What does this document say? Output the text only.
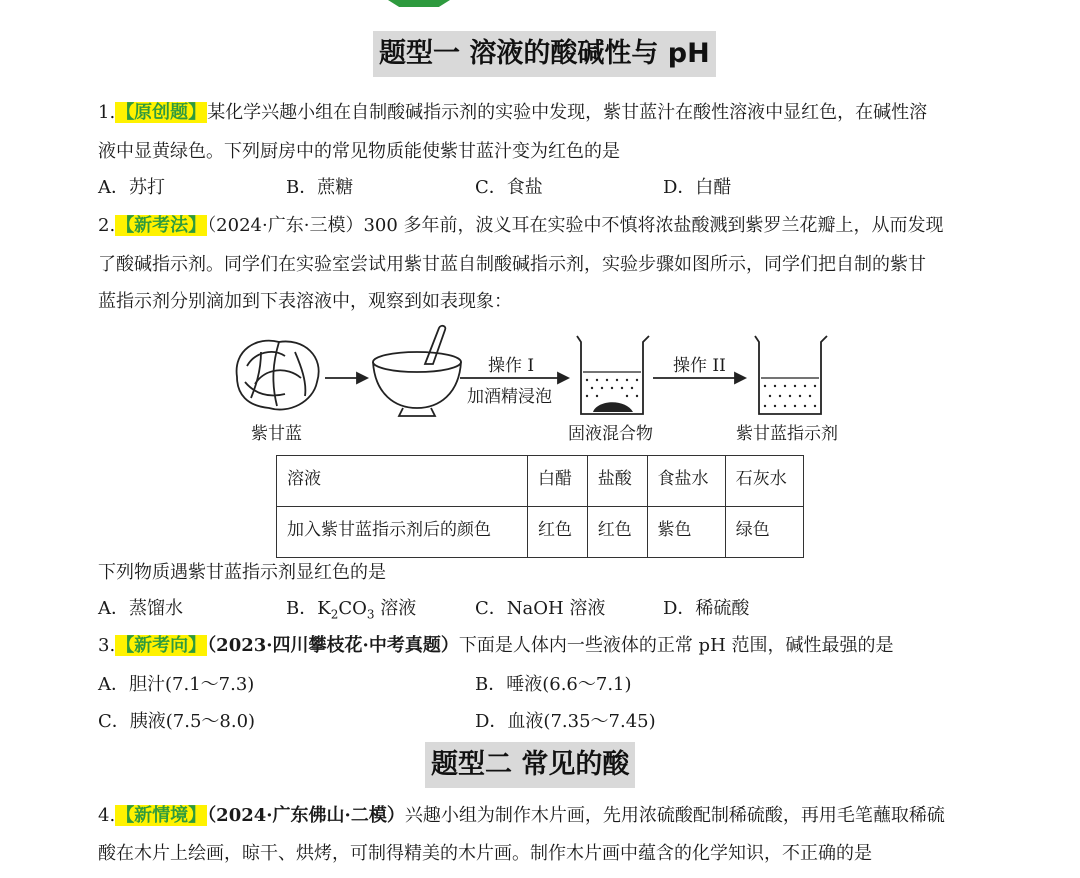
题型一 溶液的酸碱性与 pH
1.【原创题】某化学兴趣小组在自制酸碱指示剂的实验中发现，紫甘蓝汁在酸性溶液中显红色，在碱性溶
液中显黄绿色。下列厨房中的常见物质能使紫甘蓝汁变为红色的是
A．苏打	B．蔗糖	C．食盐	D．白醋
2.【新考法】（2024·广东·三模）300 多年前，波义耳在实验中不慎将浓盐酸溅到紫罗兰花瓣上，从而发现
了酸碱指示剂。同学们在实验室尝试用紫甘蓝自制酸碱指示剂，实验步骤如图所示，同学们把自制的紫甘
蓝指示剂分别滴加到下表溶液中，观察到如表现象：
紫甘蓝
操作 I
加酒精浸泡
固液混合物
操作 II
紫甘蓝指示剂
溶液	白醋	盐酸	食盐水	石灰水
加入紫甘蓝指示剂后的颜色	红色	红色	紫色	绿色
下列物质遇紫甘蓝指示剂显红色的是
A．蒸馏水	B．$K_2CO_3$ 溶液	C．NaOH 溶液	D．稀硫酸
3.【新考向】（2023·四川攀枝花·中考真题）下面是人体内一些液体的正常 pH 范围，碱性最强的是
A．胆汁(7.1～7.3)	B．唾液(6.6～7.1)
C．胰液(7.5～8.0)	D．血液(7.35～7.45)
题型二 常见的酸
4.【新情境】（2024·广东佛山·二模）兴趣小组为制作木片画，先用浓硫酸配制稀硫酸，再用毛笔蘸取稀硫
酸在木片上绘画，晾干、烘烤，可制得精美的木片画。制作木片画中蕴含的化学知识，不正确的是
